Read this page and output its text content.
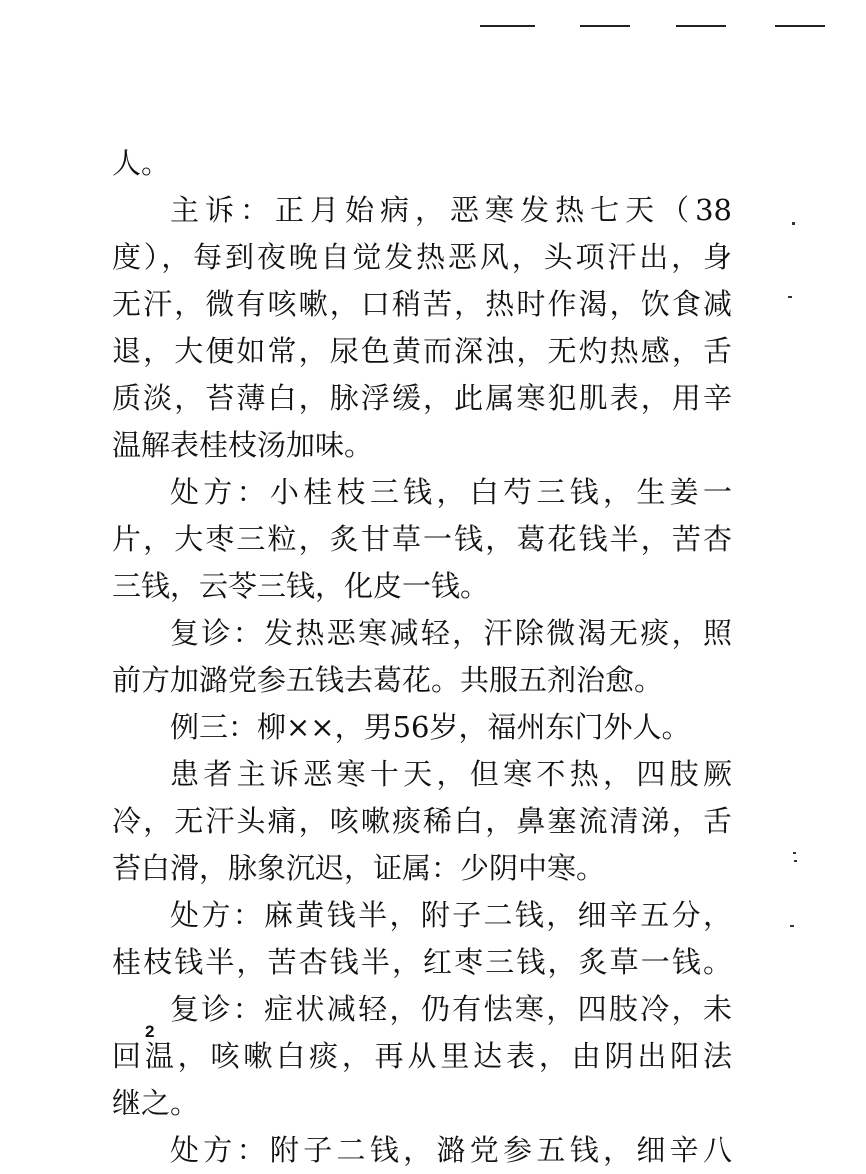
人。
主诉：正月始病，恶寒发热七天（38
度），每到夜晚自觉发热恶风，头项汗出，身
无汗，微有咳嗽，口稍苦，热时作渴，饮食减
退，大便如常，尿色黄而深浊，无灼热感，舌
质淡，苔薄白，脉浮缓，此属寒犯肌表，用辛
温解表桂枝汤加味。
处方：小桂枝三钱，白芍三钱，生姜一
片，大枣三粒，炙甘草一钱，葛花钱半，苦杏
三钱，云苓三钱，化皮一钱。
复诊：发热恶寒减轻，汗除微渴无痰，照
前方加潞党参五钱去葛花。共服五剂治愈。
例三：柳××，男56岁，福州东门外人。
患者主诉恶寒十天，但寒不热，四肢厥
冷，无汗头痛，咳嗽痰稀白，鼻塞流清涕，舌
苔白滑，脉象沉迟，证属：少阴中寒。
处方：麻黄钱半，附子二钱，细辛五分，
桂枝钱半，苦杏钱半，红枣三钱，炙草一钱。
复诊：症状减轻，仍有怯寒，四肢冷，未
回温，咳嗽白痰，再从里达表，由阴出阳法
继之。
处方：附子二钱，潞党参五钱，细辛八
2
